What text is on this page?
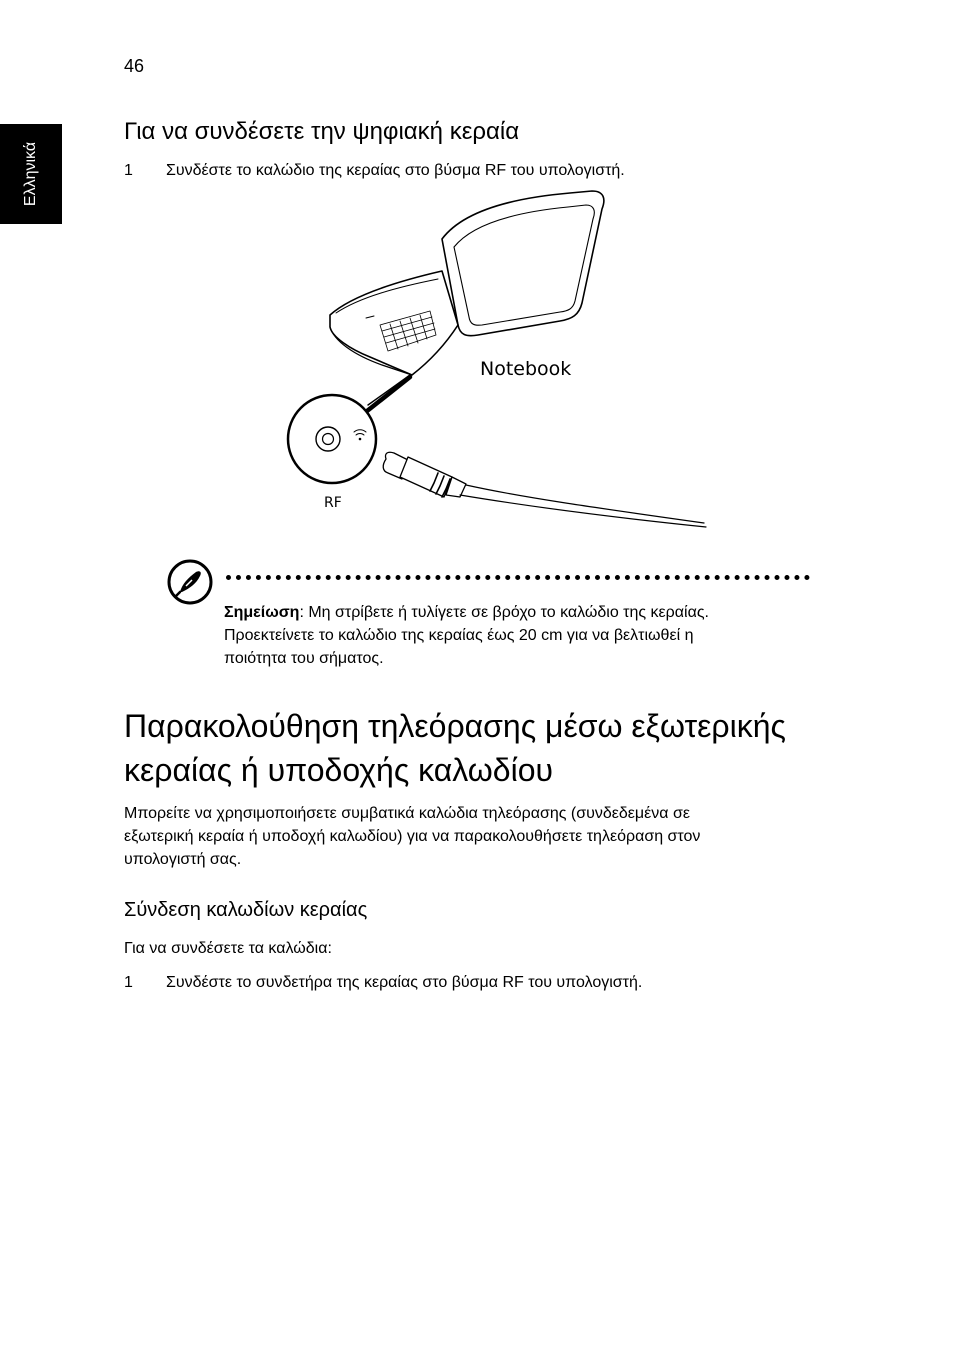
46
Ελληνικά
Για να συνδέσετε την ψηφιακή κεραία
1 Συνδέστε το καλώδιο της κεραίας στο βύσμα RF του υπολογιστή.
Notebook
RF
Σημείωση: Μη στρίβετε ή τυλίγετε σε βρόχο το καλώδιο της κεραίας.
Προεκτείνετε το καλώδιο της κεραίας έως 20 cm για να βελτιωθεί η
ποιότητα του σήματος.
Παρακολούθηση τηλεόρασης μέσω εξωτερικής
κεραίας ή υποδοχής καλωδίου
Μπορείτε να χρησιμοποιήσετε συμβατικά καλώδια τηλεόρασης (συνδεδεμένα σε
εξωτερική κεραία ή υποδοχή καλωδίου) για να παρακολουθήσετε τηλεόραση στον
υπολογιστή σας.
Σύνδεση καλωδίων κεραίας
Για να συνδέσετε τα καλώδια:
1 Συνδέστε το συνδετήρα της κεραίας στο βύσμα RF του υπολογιστή.
